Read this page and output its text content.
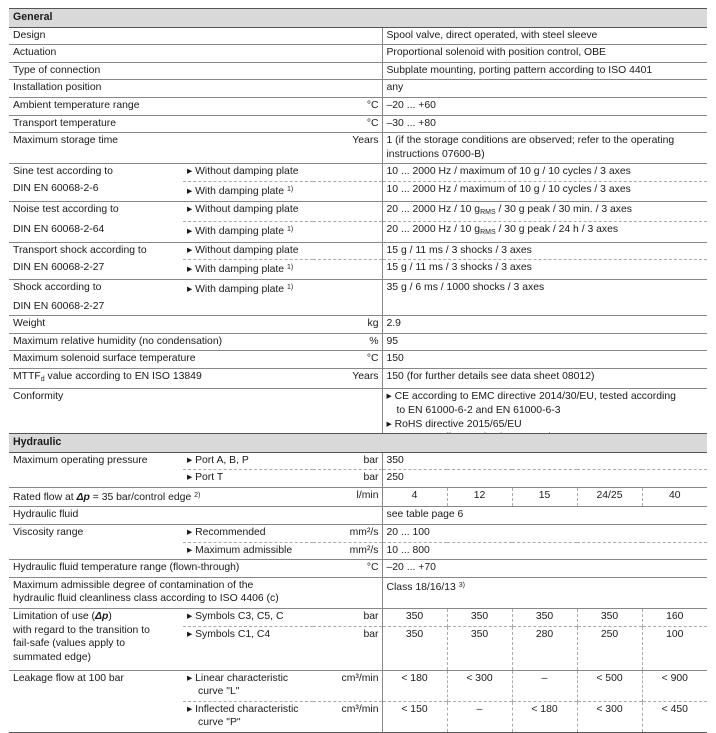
General			
Design			Spool valve, direct operated, with steel sleeve
Actuation			Proportional solenoid with position control, OBE
Type of connection			Subplate mounting, porting pattern according to ISO 4401
Installation position			any
Ambient temperature range		°C	–20 ... +60
Transport temperature		°C	–30 ... +80
Maximum storage time		Years	1 (if the storage conditions are observed; refer to the operating
instructions 07600-B)

Sine test according to	▸ Without damping plate		10 ... 2000 Hz / maximum of 10 g / 10 cycles / 3 axes
DIN EN 60068-2-6	▸ With damping plate $^{1)}$		10 ... 2000 Hz / maximum of 10 g / 10 cycles / 3 axes
Noise test according to	▸ Without damping plate		20 ... 2000 Hz / 10 $g_{RMS} / 30$ g peak / 30 min. / 3 axes
DIN EN 60068-2-64	▸ With damping plate $^{1)}$		20 ... 2000 Hz / 10 $g_{RMS} / 30$ g peak / 24 h / 3 axes
Transport shock according to	▸ Without damping plate		15 g / 11 ms / 3 shocks / 3 axes
DIN EN 60068-2-27	▸ With damping plate $^{1)}$		15 g / 11 ms / 3 shocks / 3 axes
Shock according to	▸ With damping plate $^{1)}$		35 g / 6 ms / 1000 shocks / 3 axes
DIN EN 60068-2-27			
Weight		kg	2.9
Maximum relative humidity (no condensation)		%	95
Maximum solenoid surface temperature		°C	150
$MTTF_d$ value according to EN ISO 13849		Years	150 (for further details see data sheet 08012)
Conformity			▸ CE according to EMC directive 2014/30/EU, tested according
to EN 61000-6-2 and EN 61000-6-3
▸ RoHS directive 2015/65/EU
Hydraulic							
Maximum operating pressure	▸ Port A, B, P	bar	350				
	▸ Port T	bar	250				
Rated flow at Δp = 35 bar/control edge $^{2)}$		l/min	4	12	15	24/25	40
Hydraulic fluid			see table page 6				
Viscosity range	▸ Recommended	mm²/s	20 ... 100				
	▸ Maximum admissible	mm²/s	10 ... 800				
Hydraulic fluid temperature range (flown-through)		°C	–20 ... +70				

Maximum admissible degree of contamination of the
hydraulic fluid cleanliness class according to ISO 4406 (c)			Class 18/16/13 $^{3)}$

Limitation of use (Δp)
with regard to the transition to
fail-safe (values apply to
summated edge)	▸ Symbols C3, C5, C	bar	350	350	350	350	160
	▸ Symbols C1, C4	bar	350	350	280	250	100
Leakage flow at 100 bar	▸ Linear characteristic
curve "L"	cm³/min	< 180	< 300	–	< 500	< 900

	▸ Inflected characteristic
curve "P"	cm³/min	< 150	–	< 180	< 300	< 450
